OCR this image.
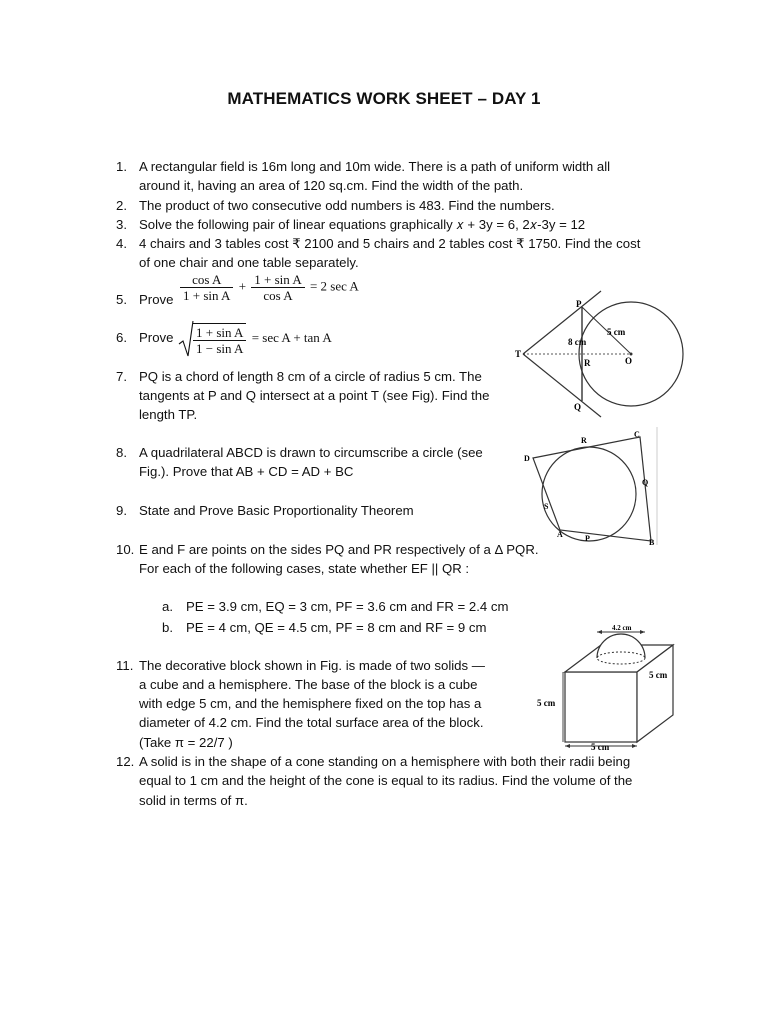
MATHEMATICS WORK SHEET – DAY 1
1. A rectangular field is 16m long and 10m wide. There is a path of uniform width all
around it, having an area of 120 sq.cm. Find the width of the path.
2. The product of two consecutive odd numbers is 483. Find the numbers.
3. Solve the following pair of linear equations graphically 𝑥 + 3y = 6, 2𝑥-3y = 12
4. 4 chairs and 3 tables cost ₹ 2100 and 5 chairs and 2 tables cost ₹ 1750. Find the cost
of one chair and one table separately.
5. Prove $\frac{\text{cos A}}{\text{1 + sin A}} + \frac{\text{1 + sin A}}{\text{cos A}} = 2$ sec A
6. Prove $\frac{\text{1 + sin A}}{\text{1 − sin A}} = \sec A + \tan A$
7. PQ is a chord of length 8 cm of a circle of radius 5 cm. The
tangents at P and Q intersect at a point T (see Fig). Find the
length TP.
8. A quadrilateral ABCD is drawn to circumscribe a circle (see
Fig.). Prove that AB + CD = AD + BC
9. State and Prove Basic Proportionality Theorem
10. E and F are points on the sides PQ and PR respectively of a Δ PQR.
For each of the following cases, state whether EF || QR :
a. PE = 3.9 cm, EQ = 3 cm, PF = 3.6 cm and FR = 2.4 cm
b. PE = 4 cm, QE = 4.5 cm, PF = 8 cm and RF = 9 cm
11. The decorative block shown in Fig. is made of two solids —
a cube and a hemisphere. The base of the block is a cube
with edge 5 cm, and the hemisphere fixed on the top has a
diameter of 4.2 cm. Find the total surface area of the block.
(Take π = 22/7 )
12. A solid is in the shape of a cone standing on a hemisphere with both their radii being
equal to 1 cm and the height of the cone is equal to its radius. Find the volume of the
solid in terms of π.
P
Q
T
O
R
8 cm
5 cm
D
C
B
A
R
Q
P
S
4.2 cm
5 cm
5 cm
5 cm
